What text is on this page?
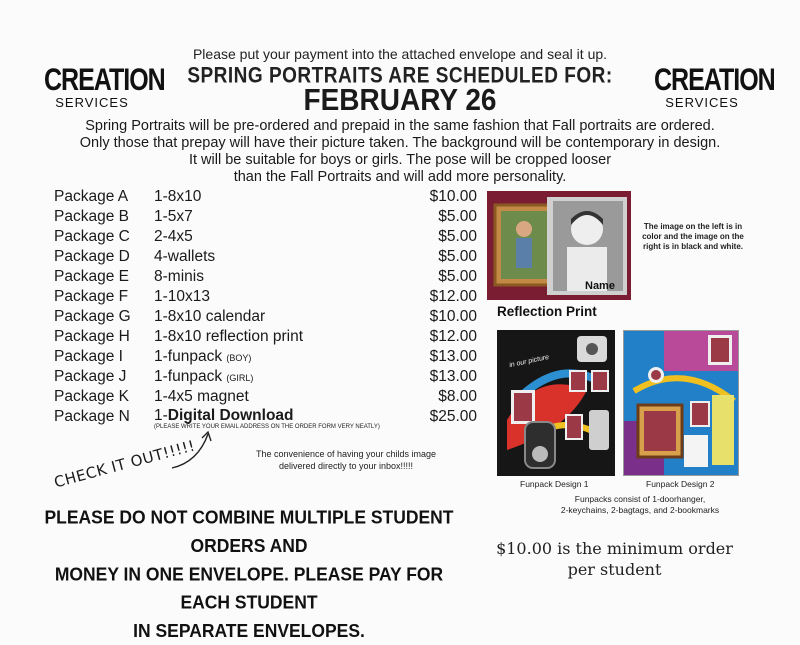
CREATION
SERVICES
CREATION
SERVICES
Please put your payment into the attached envelope and seal it up.
SPRING PORTRAITS ARE SCHEDULED FOR:
FEBRUARY 26
Spring Portraits will be pre-ordered and prepaid in the same fashion that Fall portraits are ordered.
Only those that prepay will have their picture taken. The background will be contemporary in design.
It will be suitable for boys or girls. The pose will be cropped looser
than the Fall Portraits and will add more personality.
Package A 1-8x10	$10.00
Package B 1-5x7	$5.00
Package C 2-4x5	$5.00
Package D 4-wallets	$5.00
Package E 8-minis	$5.00
Package F 1-10x13	$12.00
Package G 1-8x10 calendar	$10.00
Package H 1-8x10 reflection print	$12.00
Package I 1-funpack (BOY)	$13.00
Package J 1-funpack (GIRL)	$13.00
Package K 1-4x5 magnet	$8.00
Package N 1-Digital Download	$25.00
(PLEASE WRITE YOUR EMAIL ADDRESS ON THE ORDER FORM VERY NEATLY)
The convenience of having your childs image
delivered directly to your inbox!!!!!
CHECK IT OUT!!!!!
PLEASE DO NOT COMBINE MULTIPLE STUDENT ORDERS AND
MONEY IN ONE ENVELOPE. PLEASE PAY FOR EACH STUDENT
IN SEPARATE ENVELOPES.
$10.00 is the minimum order
per student
Name
The image on the left is in color and the image on the right is in black and white.
Reflection Print
in our picture
Funpack Design 1	Funpack Design 2
Funpacks consist of 1-doorhanger,
2-keychains, 2-bagtags, and 2-bookmarks
